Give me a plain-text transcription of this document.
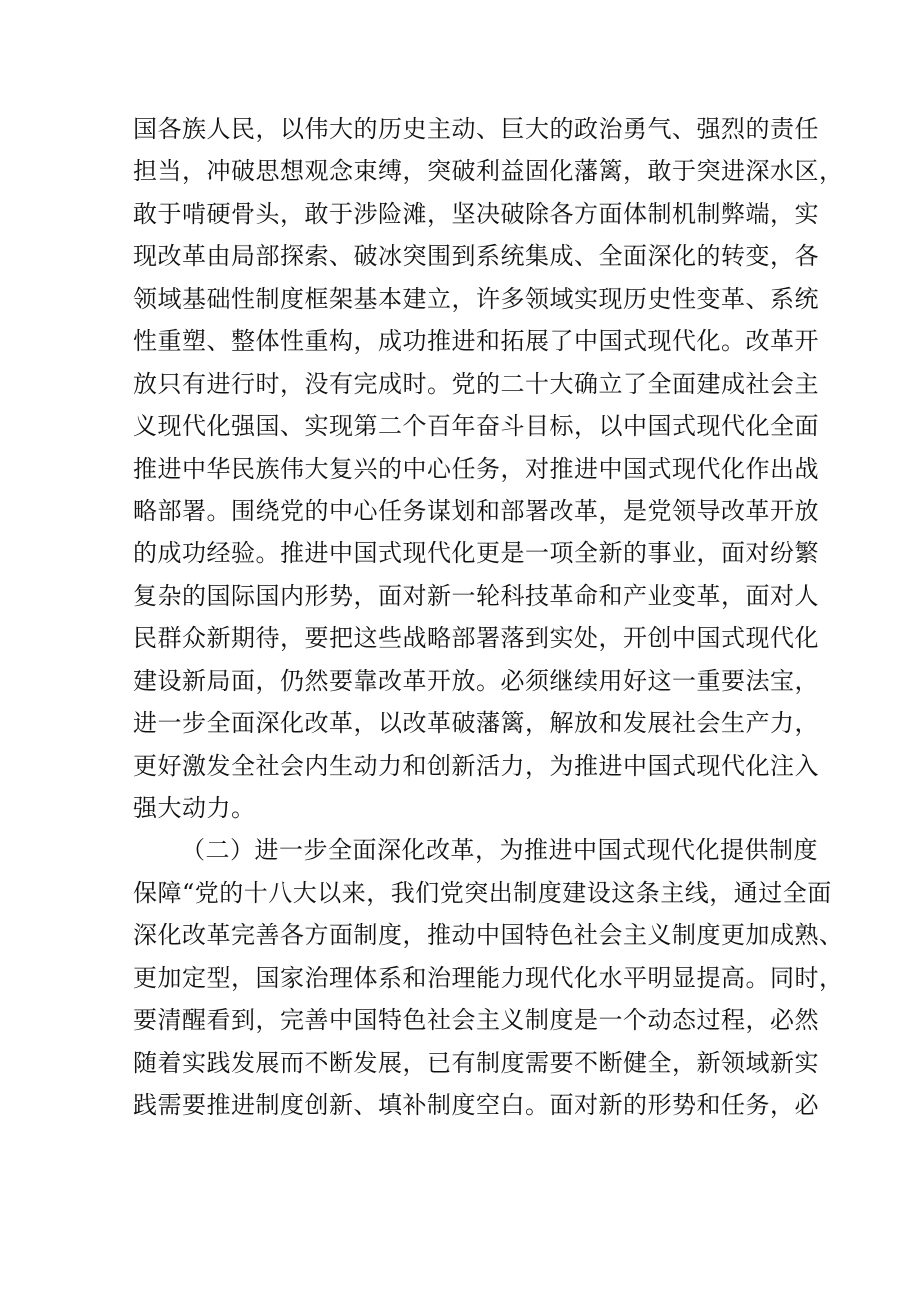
国各族人民，以伟大的历史主动、巨大的政治勇气、强烈的责任
担当，冲破思想观念束缚，突破利益固化藩篱，敢于突进深水区，
敢于啃硬骨头，敢于涉险滩，坚决破除各方面体制机制弊端，实
现改革由局部探索、破冰突围到系统集成、全面深化的转变，各
领域基础性制度框架基本建立，许多领域实现历史性变革、系统
性重塑、整体性重构，成功推进和拓展了中国式现代化。改革开
放只有进行时，没有完成时。党的二十大确立了全面建成社会主
义现代化强国、实现第二个百年奋斗目标，以中国式现代化全面
推进中华民族伟大复兴的中心任务，对推进中国式现代化作出战
略部署。围绕党的中心任务谋划和部署改革，是党领导改革开放
的成功经验。推进中国式现代化更是一项全新的事业，面对纷繁
复杂的国际国内形势，面对新一轮科技革命和产业变革，面对人
民群众新期待，要把这些战略部署落到实处，开创中国式现代化
建设新局面，仍然要靠改革开放。必须继续用好这一重要法宝，
进一步全面深化改革，以改革破藩篱，解放和发展社会生产力，
更好激发全社会内生动力和创新活力，为推进中国式现代化注入
强大动力。
（二）进一步全面深化改革，为推进中国式现代化提供制度
保障“党的十八大以来，我们党突出制度建设这条主线，通过全面
深化改革完善各方面制度，推动中国特色社会主义制度更加成熟、
更加定型，国家治理体系和治理能力现代化水平明显提高。同时，
要清醒看到，完善中国特色社会主义制度是一个动态过程，必然
随着实践发展而不断发展，已有制度需要不断健全，新领域新实
践需要推进制度创新、填补制度空白。面对新的形势和任务，必
